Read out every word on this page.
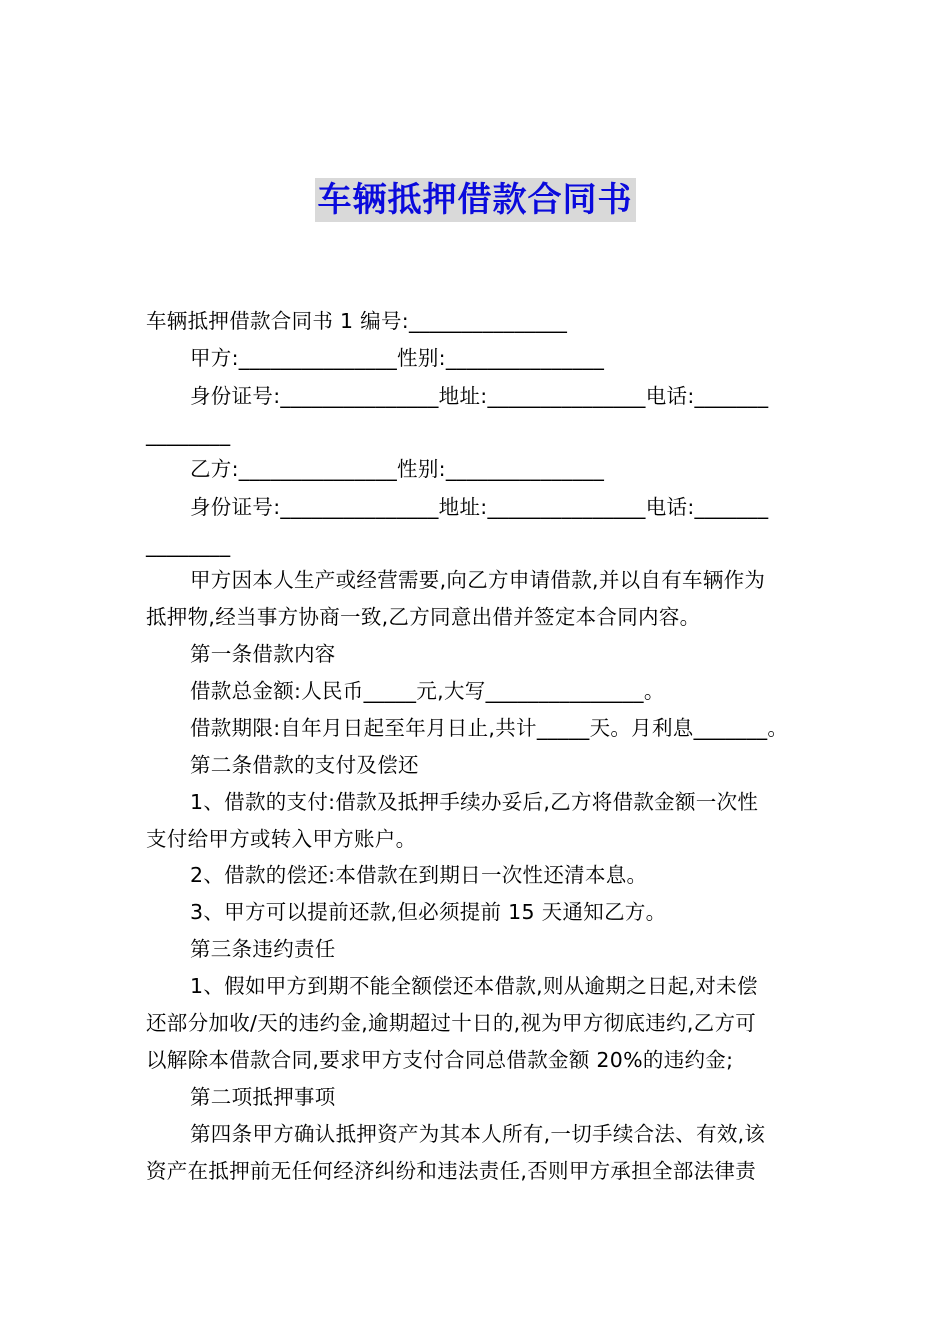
车辆抵押借款合同书
车辆抵押借款合同书 1 编号:_______________
甲方:_______________性别:_______________
身份证号:_______________地址:_______________电话:_______
________
乙方:_______________性别:_______________
身份证号:_______________地址:_______________电话:_______
________
甲方因本人生产或经营需要,向乙方申请借款,并以自有车辆作为
抵押物,经当事方协商一致,乙方同意出借并签定本合同内容。
第一条借款内容
借款总金额:人民币_____元,大写_______________。
借款期限:自年月日起至年月日止,共计_____天。月利息_______。
第二条借款的支付及偿还
1、借款的支付:借款及抵押手续办妥后,乙方将借款金额一次性
支付给甲方或转入甲方账户。
2、借款的偿还:本借款在到期日一次性还清本息。
3、甲方可以提前还款,但必须提前 15 天通知乙方。
第三条违约责任
1、假如甲方到期不能全额偿还本借款,则从逾期之日起,对未偿
还部分加收/天的违约金,逾期超过十日的,视为甲方彻底违约,乙方可
以解除本借款合同,要求甲方支付合同总借款金额 20%的违约金;
第二项抵押事项
第四条甲方确认抵押资产为其本人所有,一切手续合法、有效,该
资产在抵押前无任何经济纠纷和违法责任,否则甲方承担全部法律责
